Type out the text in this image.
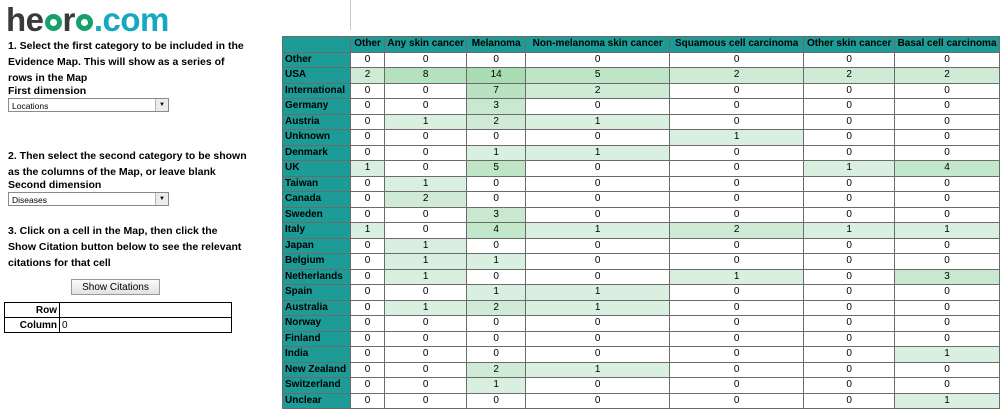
he r .com
1. Select the first category to be included in the Evidence Map. This will show as a series of rows in the Map
First dimension
Locations	▼
2. Then select the second category to be shown as the columns of the Map, or leave blank
Second dimension
Diseases	▼
3. Click on a cell in the Map, then click the Show Citation button below to see the relevant citations for that cell
Show Citations
Row	
Column	0
	Other	Any skin cancer	Melanoma	Non-melanoma skin cancer	Squamous cell carcinoma	Other skin cancer	Basal cell carcinoma
Other	0	0	0	0	0	0	0
USA	2	8	14	5	2	2	2
International	0	0	7	2	0	0	0
Germany	0	0	3	0	0	0	0
Austria	0	1	2	1	0	0	0
Unknown	0	0	0	0	1	0	0
Denmark	0	0	1	1	0	0	0
UK	1	0	5	0	0	1	4
Taiwan	0	1	0	0	0	0	0
Canada	0	2	0	0	0	0	0
Sweden	0	0	3	0	0	0	0
Italy	1	0	4	1	2	1	1
Japan	0	1	0	0	0	0	0
Belgium	0	1	1	0	0	0	0
Netherlands	0	1	0	0	1	0	3
Spain	0	0	1	1	0	0	0
Australia	0	1	2	1	0	0	0
Norway	0	0	0	0	0	0	0
Finland	0	0	0	0	0	0	0
India	0	0	0	0	0	0	1
New Zealand	0	0	2	1	0	0	0
Switzerland	0	0	1	0	0	0	0
Unclear	0	0	0	0	0	0	1
